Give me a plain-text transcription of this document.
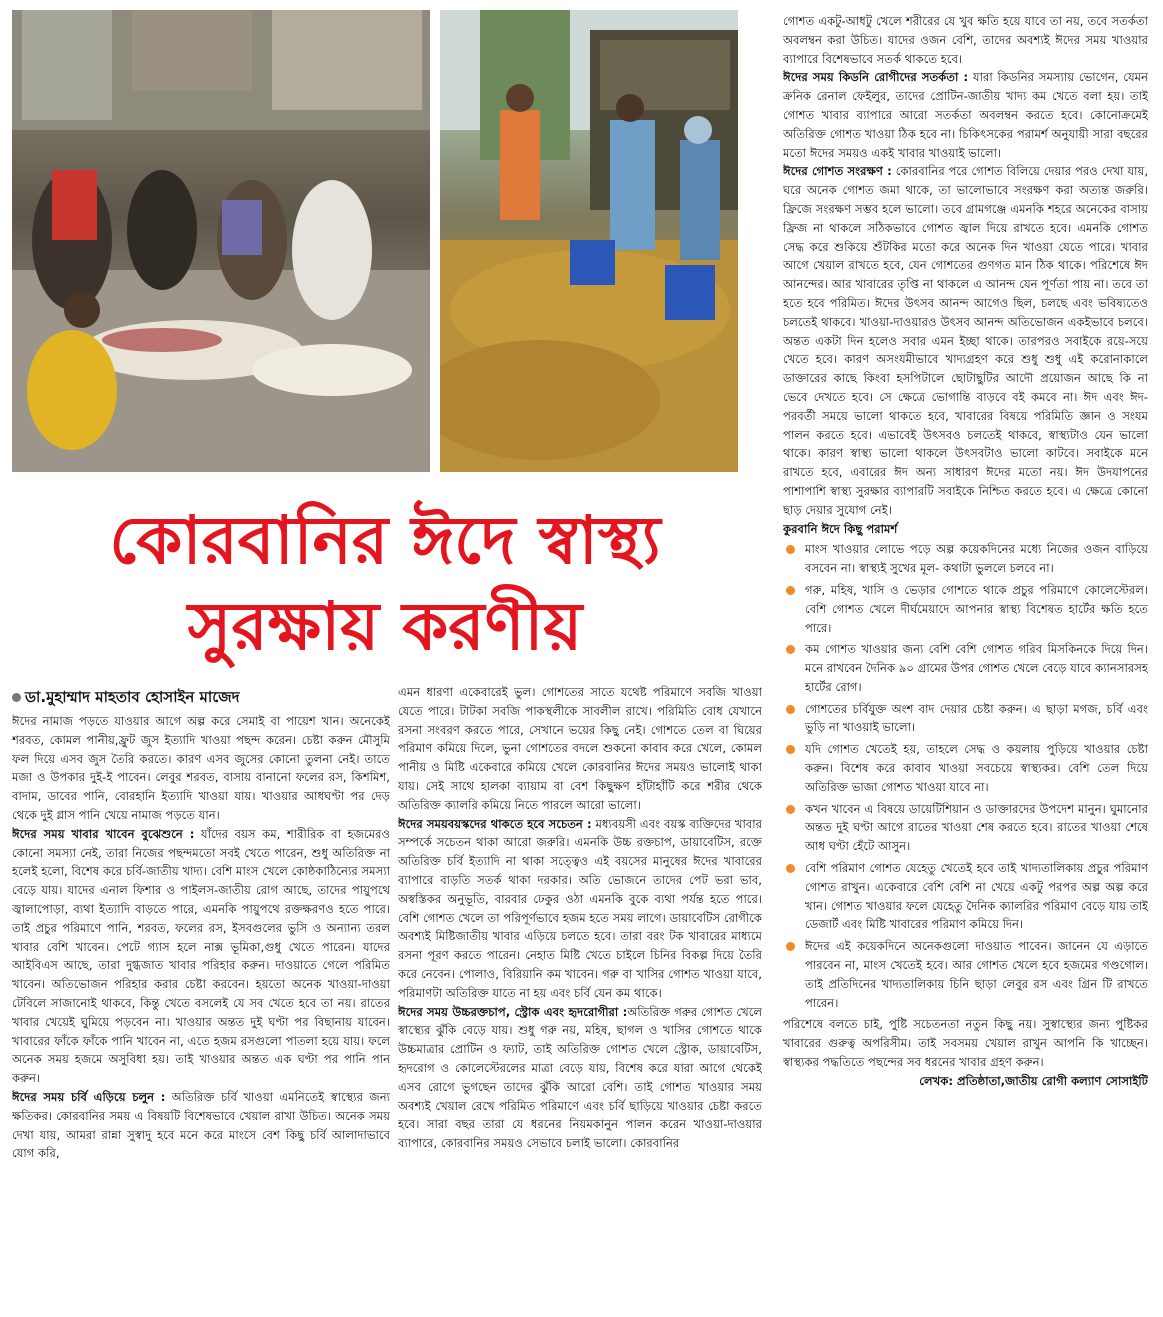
কোরবানির ঈদে স্বাস্থ্য
সুরক্ষায় করণীয়
ডা.মুহাম্মাদ মাহতাব হোসাইন মাজেদ

ঈদের নামাজ পড়তে যাওয়ার আগে অল্প করে সেমাই বা পায়েশ খান। অনেকেই শরবত, কোমল পানীয়,ফ্রুট জুস ইত্যাদি খাওয়া পছন্দ করেন। চেষ্টা করুন মৌসুমি ফল দিয়ে এসব জুস তৈরি করতে। কারণ এসব জুসের কোনো তুলনা নেই। তাতে মজা ও উপকার দুই-ই পাবেন। লেবুর শরবত, বাসায় বানানো ফলের রস, কিশমিশ, বাদাম, ডাবের পানি, বোরহানি ইত্যাদি খাওয়া যায়। খাওয়ার আধঘণ্টা পর দেড় থেকে দুই গ্লাস পানি খেয়ে নামাজ পড়তে যান।

ঈদের সময় খাবার খাবেন বুঝেশুনে : যাঁদের বয়স কম, শারীরিক বা হজমেরও কোনো সমস্যা নেই, তারা নিজের পছন্দমতো সবই খেতে পারেন, শুধু অতিরিক্ত না হলেই হলো, বিশেষ করে চর্বি-জাতীয় খাদ্য। বেশি মাংস খেলে কোষ্ঠকাঠিন্যের সমস্যা বেড়ে যায়। যাদের এনাল ফিশার ও পাইলস-জাতীয় রোগ আছে, তাদের পায়ুপথে জ্বালাপোড়া, ব্যথা ইত্যাদি বাড়তে পারে, এমনকি পায়ুপথে রক্তক্ষরণও হতে পারে। তাই প্রচুর পরিমাণে পানি, শরবত, ফলের রস, ইসবগুলের ভুসি ও অন্যান্য তরল খাবার বেশি খাবেন। পেটে গ্যাস হলে নাক্স ভূমিকা,গুধু খেতে পারেন। যাদের আইবিএস আছে, তারা দুগ্ধজাত খাবার পরিহার করুন। দাওয়াতে গেলে পরিমিত খাবেন। অতিভোজন পরিহার করার চেষ্টা করবেন। হয়তো অনেক খাওয়া-দাওয়া টেবিলে সাজানোই থাকবে, কিন্তু খেতে বসলেই যে সব খেতে হবে তা নয়। রাতের খাবার খেয়েই ঘুমিয়ে পড়বেন না। খাওয়ার অন্তত দুই ঘণ্টা পর বিছানায় যাবেন। খাবারের ফাঁকে ফাঁকে পানি খাবেন না, এতে হজম রসগুলো পাতলা হয়ে যায়। ফলে অনেক সময় হজমে অসুবিধা হয়। তাই খাওয়ার অন্তত এক ঘণ্টা পর পানি পান করুন।

ঈদের সময় চর্বি এড়িয়ে চলুন : অতিরিক্ত চর্বি খাওয়া এমনিতেই স্বাস্থ্যের জন্য ক্ষতিকর। কোরবানির সময় এ বিষয়টি বিশেষভাবে খেয়াল রাখা উচিত। অনেক সময় দেখা যায়, আমরা রান্না সুস্বাদু হবে মনে করে মাংসে বেশ কিছু চর্বি আলাদাভাবে যোগ করি,

এমন ধারণা একেবারেই ভুল। গোশতের সাতে যথেষ্ট পরিমাণে সবজি খাওয়া যেতে পারে। টাটকা সবজি পাকস্থলীকে সাবলীল রাখে। পরিমিতি বোধ যেখানে রসনা সংবরণ করতে পারে, সেখানে ভয়ের কিছু নেই। গোশতে তেল বা ঘিয়ের পরিমাণ কমিয়ে দিলে, ভুনা গোশতের বদলে শুকনো কাবাব করে খেলে, কোমল পানীয় ও মিষ্টি একেবারে কমিয়ে খেলে কোরবানির ঈদের সময়ও ভালোই থাকা যায়। সেই সাথে হালকা ব্যায়াম বা বেশ কিছুক্ষণ হাঁটাহাঁটি করে শরীর থেকে অতিরিক্ত ক্যালরি কমিয়ে নিতে পারলে আরো ভালো।

ঈদের সময়বয়স্কদের থাকতে হবে সচেতন : মধ্যবয়সী এবং বয়স্ক ব্যক্তিদের খাবার সম্পর্কে সচেতন থাকা আরো জরুরি। এমনকি উচ্চ রক্তচাপ, ডায়াবেটিস, রক্তে অতিরিক্ত চর্বি ইত্যাদি না থাকা সত্ত্বেও এই বয়সের মানুষের ঈদের খাবারের ব্যাপারে বাড়তি সতর্ক থাকা দরকার। অতি ভোজনে তাদের পেট ভরা ভাব, অস্বস্তিকর অনুভূতি, বারবার ঢেকুর ওঠা এমনকি বুকে ব্যথা পর্যন্ত হতে পারে। বেশি গোশত খেলে তা পরিপূর্ণভাবে হজম হতে সময় লাগে। ডায়াবেটিস রোগীকে অবশ্যই মিষ্টিজাতীয় খাবার এড়িয়ে চলতে হবে। তারা বরং টক খাবারের মাধ্যমে রসনা পূরণ করতে পারেন। নেহাত মিষ্টি খেতে চাইলে চিনির বিকল্প দিয়ে তৈরি করে নেবেন। পোলাও, বিরিয়ানি কম খাবেন। গরু বা খাসির গোশত খাওয়া যাবে, পরিমাণটা অতিরিক্ত যাতে না হয় এবং চর্বি যেন কম থাকে।

ঈদের সময় উচ্চরক্তচাপ, স্ট্রোক এবং হৃদরোগীরা :অতিরিক্ত গরুর গোশত খেলে স্বাস্থ্যের ঝুঁকি বেড়ে যায়। শুধু গরু নয়, মহিষ, ছাগল ও খাসির গোশতে থাকে উচ্চমাত্রার প্রোটিন ও ফ্যাট, তাই অতিরিক্ত গোশত খেলে স্ট্রোক, ডায়াবেটিস, হৃদরোগ ও কোলেস্টেরলের মাত্রা বেড়ে যায়, বিশেষ করে যারা আগে থেকেই এসব রোগে ভুগছেন তাদের ঝুঁকি আরো বেশি। তাই গোশত খাওয়ার সময় অবশ্যই খেয়াল রেখে পরিমিত পরিমাণে এবং চর্বি ছাড়িয়ে খাওয়ার চেষ্টা করতে হবে। সারা বছর তারা যে ধরনের নিয়মকানুন পালন করেন খাওয়া-দাওয়ার ব্যাপারে, কোরবানির সময়ও সেভাবে চলাই ভালো। কোরবানির

গোশত একটু-আধটু খেলে শরীরের যে খুব ক্ষতি হয়ে যাবে তা নয়, তবে সতর্কতা অবলম্বন করা উচিত। যাদের ওজন বেশি, তাদের অবশ্যই ঈদের সময় খাওয়ার ব্যাপারে বিশেষভাবে সতর্ক থাকতে হবে।

ঈদের সময় কিডনি রোগীদের সতর্কতা : যারা কিডনির সমস্যায় ভোগেন, যেমন ক্রনিক রেনাল ফেইলুর, তাদের প্রোটিন-জাতীয় খাদ্য কম খেতে বলা হয়। তাই গোশত খাবার ব্যাপারে আরো সতর্কতা অবলম্বন করতে হবে। কোনোক্রমেই অতিরিক্ত গোশত খাওয়া ঠিক হবে না। চিকিৎসকের পরামর্শ অনুযায়ী সারা বছরের মতো ঈদের সময়ও একই খাবার খাওয়াই ভালো।

ঈদের গোশত সংরক্ষণ : কোরবানির পরে গোশত বিলিয়ে দেয়ার পরও দেখা যায়, ঘরে অনেক গোশত জমা থাকে, তা ভালোভাবে সংরক্ষণ করা অত্যন্ত জরুরি। ফ্রিজে সংরক্ষণ সম্ভব হলে ভালো। তবে গ্রামগঞ্জে এমনকি শহরে অনেকের বাসায় ফ্রিজ না থাকলে সঠিকভাবে গোশত জ্বাল দিয়ে রাখতে হবে। এমনকি গোশত সেদ্ধ করে শুকিয়ে শুঁটকির মতো করে অনেক দিন খাওয়া যেতে পারে। খাবার আগে খেয়াল রাখতে হবে, যেন গোশতের গুণগত মান ঠিক থাকে। পরিশেষে ঈদ আনন্দের। আর খাবারের তৃপ্তি না থাকলে এ আনন্দ যেন পূর্ণতা পায় না। তবে তা হতে হবে পরিমিত। ঈদের উৎসব আনন্দ আগেও ছিল, চলছে এবং ভবিষ্যতেও চলতেই থাকবে। খাওয়া-দাওয়ারও উৎসব আনন্দ অতিভোজন একইভাবে চলবে। অন্তত একটা দিন হলেও সবার এমন ইচ্ছা থাকে। তারপরও সবাইকে রয়ে-সয়ে খেতে হবে। কারণ অসংযমীভাবে খাদ্যগ্রহণ করে শুধু শুধু এই করোনাকালে ডাক্তারের কাছে কিংবা হসপিটালে ছোটাছুটির আদৌ প্রয়োজন আছে কি না ভেবে দেখতে হবে। সে ক্ষেত্রে ভোগান্তি বাড়বে বই কমবে না। ঈদ এবং ঈদ-পরবর্তী সময়ে ভালো থাকতে হবে, খাবারের বিষয়ে পরিমিতি জ্ঞান ও সংযম পালন করতে হবে। এভাবেই উৎসবও চলতেই থাকবে, স্বাস্থ্যটাও যেন ভালো থাকে। কারণ স্বাস্থ্য ভালো থাকলে উৎসবটাও ভালো কাটবে। সবাইকে মনে রাখতে হবে, এবারের ঈদ অন্য সাধারণ ঈদের মতো নয়। ঈদ উদযাপনের পাশাপাশি স্বাস্থ্য সুরক্ষার ব্যাপারটি সবাইকে নিশ্চিত করতে হবে। এ ক্ষেত্রে কোনো ছাড় দেয়ার সুযোগ নেই।

কুরবানি ঈদে কিছু পরামর্শ

মাংস খাওয়ার লোভে পড়ে অল্প কয়েকদিনের মধ্যে নিজের ওজন বাড়িয়ে বসবেন না। স্বাস্থ্যই সুখের মূল- কথাটা ভুললে চলবে না।
গরু, মহিষ, খাসি ও ভেড়ার গোশতে থাকে প্রচুর পরিমাণে কোলেস্টেরল। বেশি গোশত খেলে দীর্ঘমেয়াদে আপনার স্বাস্থ্য বিশেষত হার্টের ক্ষতি হতে পারে।
কম গোশত খাওয়ার জন্য বেশি বেশি গোশত গরিব মিসকিনকে দিয়ে দিন। মনে রাখবেন দৈনিক ৯০ গ্রামের উপর গোশত খেলে বেড়ে যাবে ক্যানসারসহ হার্টের রোগ।
গোশতের চর্বিযুক্ত অংশ বাদ দেয়ার চেষ্টা করুন। এ ছাড়া মগজ, চর্বি এবং ভুড়ি না খাওয়াই ভালো।
যদি গোশত খেতেই হয়, তাহলে সেদ্ধ ও কয়লায় পুড়িয়ে খাওয়ার চেষ্টা করুন। বিশেষ করে কাবাব খাওয়া সবচেয়ে স্বাস্থ্যকর। বেশি তেল দিয়ে অতিরিক্ত ভাজা গোশত খাওয়া যাবে না।
কখন খাবেন এ বিষয়ে ডায়েটিশিয়ান ও ডাক্তারদের উপদেশ মানুন। ঘুমানোর অন্তত দুই ঘণ্টা আগে রাতের খাওয়া শেষ করতে হবে। রাতের খাওয়া শেষে আধ ঘণ্টা হেঁটে আসুন।
বেশি পরিমাণ গোশত যেহেতু খেতেই হবে তাই খাদ্যতালিকায় প্রচুর পরিমাণ গোশত রাখুন। একেবারে বেশি বেশি না খেয়ে একটু পরপর অল্প অল্প করে খান। গোশত খাওয়ার ফলে যেহেতু দৈনিক ক্যালরির পরিমাণ বেড়ে যায় তাই ডেজার্ট এবং মিষ্টি খাবারের পরিমাণ কমিয়ে দিন।
ঈদের এই কয়েকদিনে অনেকগুলো দাওয়াত পাবেন। জানেন যে এড়াতে পারবেন না, মাংস খেতেই হবে। আর গোশত খেলে হবে হজমের গণ্ডগোল। তাই প্রতিদিনের খাদ্যতালিকায় চিনি ছাড়া লেবুর রস এবং গ্রিন টি রাখতে পারেন।

পরিশেষে বলতে চাই, পুষ্টি সচেতনতা নতুন কিছু নয়। সুস্বাস্থ্যের জন্য পুষ্টিকর খাবারের গুরুত্ব অপরিসীম। তাই সবসময় খেয়াল রাখুন আপনি কি খাচ্ছেন। স্বাস্থ্যকর পদ্ধতিতে পছন্দের সব ধরনের খাবার গ্রহণ করুন।

লেখক: প্রতিষ্ঠাতা,জাতীয় রোগী কল্যাণ সোসাইটি
